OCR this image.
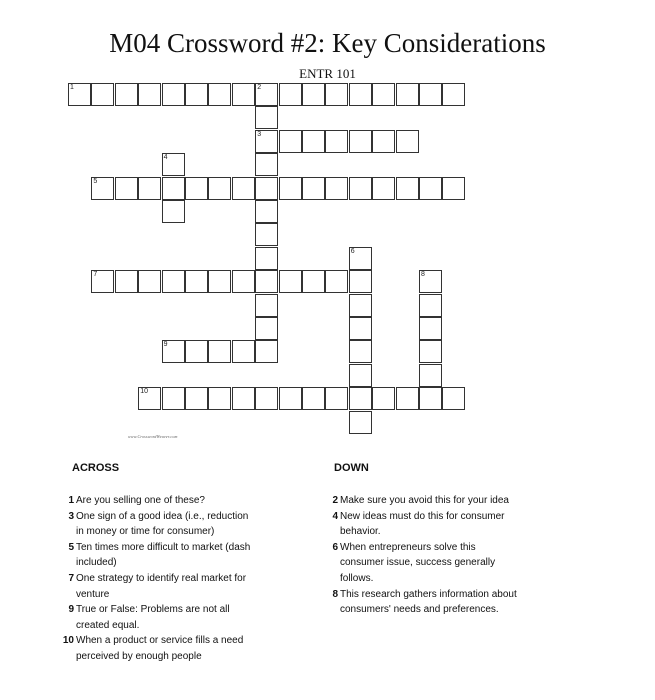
M04 Crossword #2: Key Considerations
ENTR 101
1	2
3
4
5
6
7	8
9
10
www.CrosswordWeaver.com
ACROSS	DOWN
1 Are you selling one of these?
3 One sign of a good idea (i.e., reduction
in money or time for consumer)
5 Ten times more difficult to market (dash
included)
7 One strategy to identify real market for
venture
9 True or False: Problems are not all
created equal.
10 When a product or service fills a need
perceived by enough people
2 Make sure you avoid this for your idea
4 New ideas must do this for consumer
behavior.
6 When entrepreneurs solve this
consumer issue, success generally
follows.
8 This research gathers information about
consumers' needs and preferences.
